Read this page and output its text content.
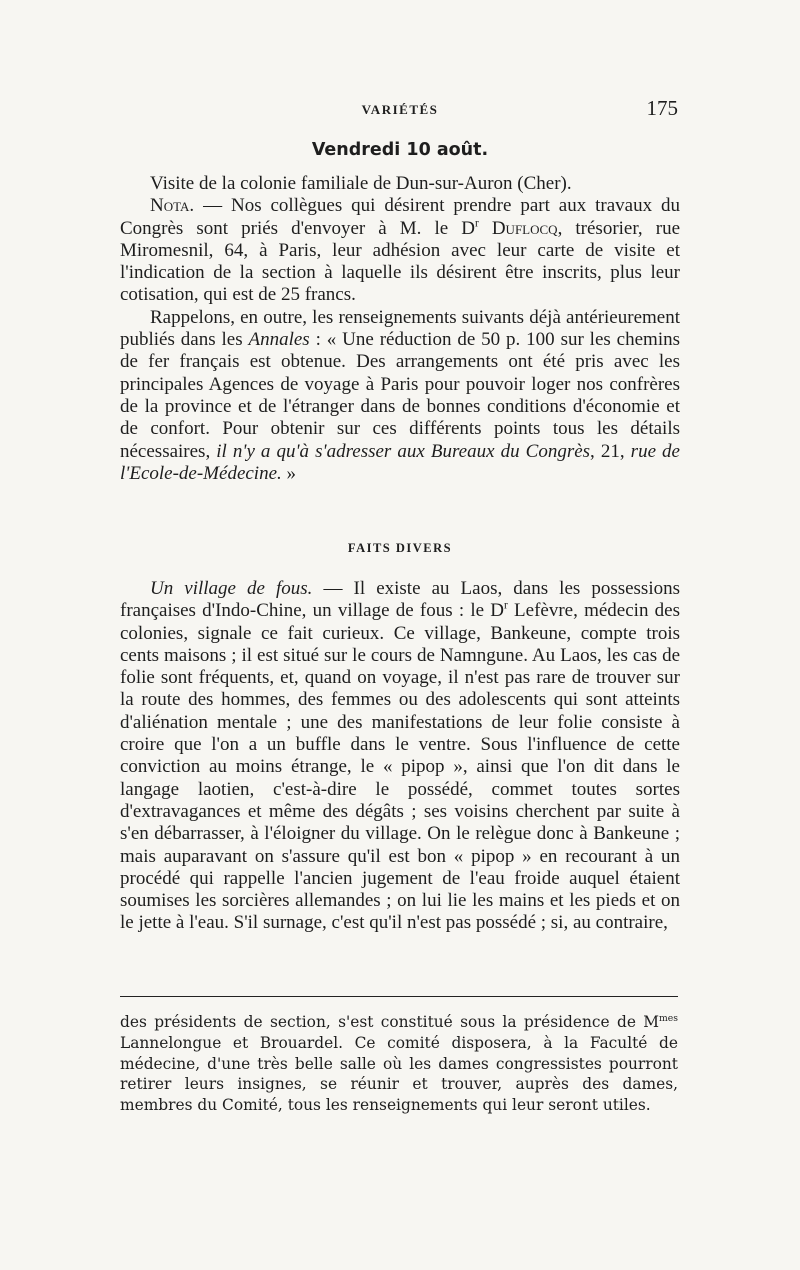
VARIÉTÉS	175
Vendredi 10 août.

Visite de la colonie familiale de Dun-sur-Auron (Cher).

Nota. — Nos collègues qui désirent prendre part aux travaux du Congrès sont priés d'envoyer à M. le $D^r$ Duflocq, trésorier, rue Miromesnil, 64, à Paris, leur adhésion avec leur carte de visite et l'indication de la section à laquelle ils désirent être inscrits, plus leur cotisation, qui est de 25 francs.

Rappelons, en outre, les renseignements suivants déjà antérieurement publiés dans les Annales : « Une réduction de 50 p. 100 sur les chemins de fer français est obtenue. Des arrangements ont été pris avec les principales Agences de voyage à Paris pour pouvoir loger nos confrères de la province et de l'étranger dans de bonnes conditions d'économie et de confort. Pour obtenir sur ces différents points tous les détails nécessaires, il n'y a qu'à s'adresser aux Bureaux du Congrès, 21, rue de l'Ecole-de-Médecine. »

FAITS DIVERS

Un village de fous. — Il existe au Laos, dans les possessions françaises d'Indo-Chine, un village de fous : le $D^r$ Lefèvre, médecin des colonies, signale ce fait curieux. Ce village, Bankeune, compte trois cents maisons ; il est situé sur le cours de Namngune. Au Laos, les cas de folie sont fréquents, et, quand on voyage, il n'est pas rare de trouver sur la route des hommes, des femmes ou des adolescents qui sont atteints d'aliénation mentale ; une des manifestations de leur folie consiste à croire que l'on a un buffle dans le ventre. Sous l'influence de cette conviction au moins étrange, le « pipop », ainsi que l'on dit dans le langage laotien, c'est-à-dire le possédé, commet toutes sortes d'extravagances et même des dégâts ; ses voisins cherchent par suite à s'en débarrasser, à l'éloigner du village. On le relègue donc à Bankeune ; mais auparavant on s'assure qu'il est bon « pipop » en recourant à un procédé qui rappelle l'ancien jugement de l'eau froide auquel étaient soumises les sorcières allemandes ; on lui lie les mains et les pieds et on le jette à l'eau. S'il surnage, c'est qu'il n'est pas possédé ; si, au contraire,

des présidents de section, s'est constitué sous la présidence de $M^{mes}$ Lannelongue et Brouardel. Ce comité disposera, à la Faculté de médecine, d'une très belle salle où les dames congressistes pourront retirer leurs insignes, se réunir et trouver, auprès des dames, membres du Comité, tous les renseignements qui leur seront utiles.
